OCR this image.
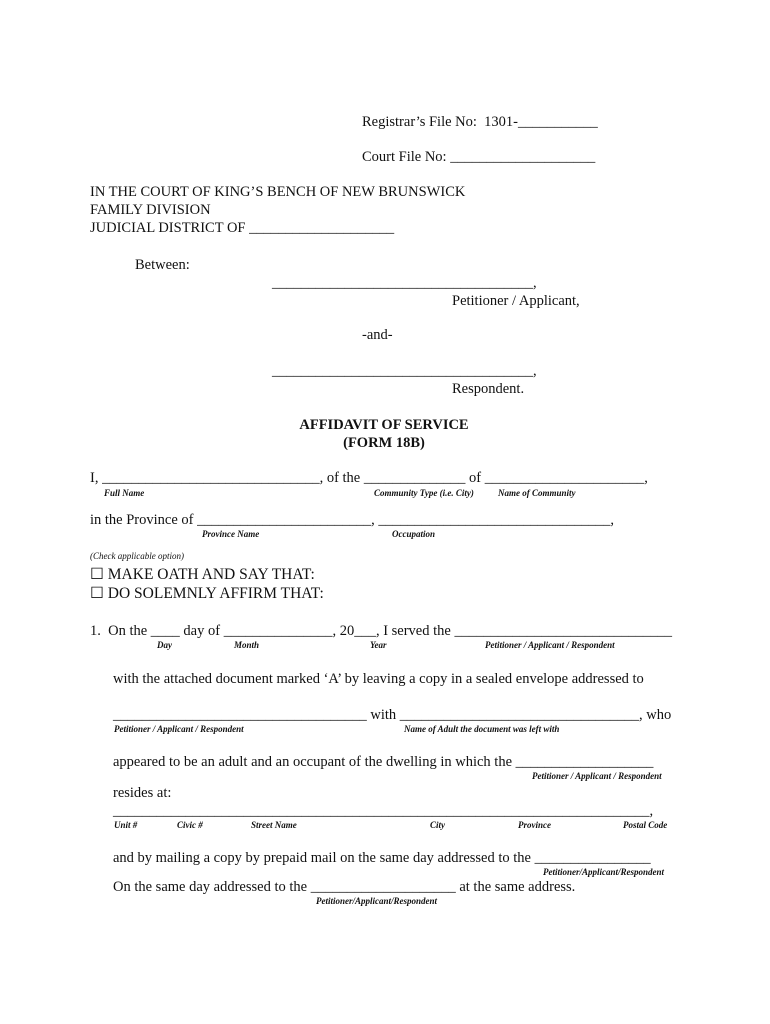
Registrar’s File No:  1301-___________
Court File No: ____________________
IN THE COURT OF KING’S BENCH OF NEW BRUNSWICK
FAMILY DIVISION
JUDICIAL DISTRICT OF ____________________
Between:
____________________________________,
Petitioner / Applicant,
-and-
____________________________________,
Respondent.
AFFIDAVIT OF SERVICE
(FORM 18B)
I, ______________________________, of the ______________ of ______________________,
Full Name	Community Type (i.e. City)	Name of Community
in the Province of ________________________, ________________________________,
Province Name	Occupation
(Check applicable option)
☐ MAKE OATH AND SAY THAT:
☐ DO SOLEMNLY AFFIRM THAT:
1.  On the ____ day of _______________, 20___, I served the ______________________________
Day	Month	Year	Petitioner / Applicant / Respondent
with the attached document marked ‘A’ by leaving a copy in a sealed envelope addressed to
___________________________________ with _________________________________, who
Petitioner / Applicant / Respondent	Name of Adult the document was left with
appeared to be an adult and an occupant of the dwelling in which the ___________________
Petitioner / Applicant / Respondent
resides at:
__________________________________________________________________________,
Unit #	Civic #	Street Name	City	Province	Postal Code
and by mailing a copy by prepaid mail on the same day addressed to the ________________
Petitioner/Applicant/Respondent
On the same day addressed to the ____________________ at the same address.
Petitioner/Applicant/Respondent
